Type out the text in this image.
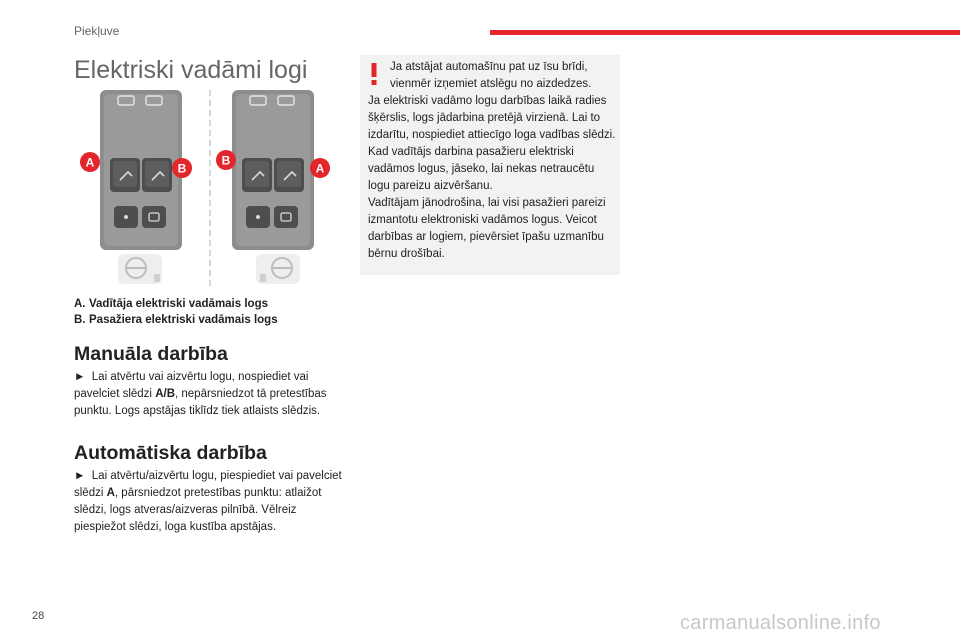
Piekļuve
Elektriski vadāmi logi
A	B
B
A
A. Vadītāja elektriski vadāmais logs
B. Pasažiera elektriski vadāmais logs
Manuāla darbība

► Lai atvērtu vai aizvērtu logu, nospiediet vai pavelciet slēdzi A/B, nepārsniedzot tā pretestības punktu. Logs apstājas tiklīdz tiek atlaists slēdzis.

Automātiska darbība

► Lai atvērtu/aizvērtu logu, piespiediet vai pavelciet slēdzi A, pārsniedzot pretestības punktu: atlaižot slēdzi, logs atveras/aizveras pilnībā. Vēlreiz piespiežot slēdzi, loga kustība apstājas.

Ja atstājat automašīnu pat uz īsu brīdi, vienmēr izņemiet atslēgu no aizdedzes.
Ja elektriski vadāmo logu darbības laikā radies šķērslis, logs jādarbina pretējā virzienā. Lai to izdarītu, nospiediet attiecīgo loga vadības slēdzi.
Kad vadītājs darbina pasažieru elektriski vadāmos logus, jāseko, lai nekas netraucētu logu pareizu aizvēršanu.
Vadītājam jānodrošina, lai visi pasažieri pareizi izmantotu elektroniski vadāmos logus. Veicot darbības ar logiem, pievērsiet īpašu uzmanību bērnu drošībai.

28	carmanualsonline.info
